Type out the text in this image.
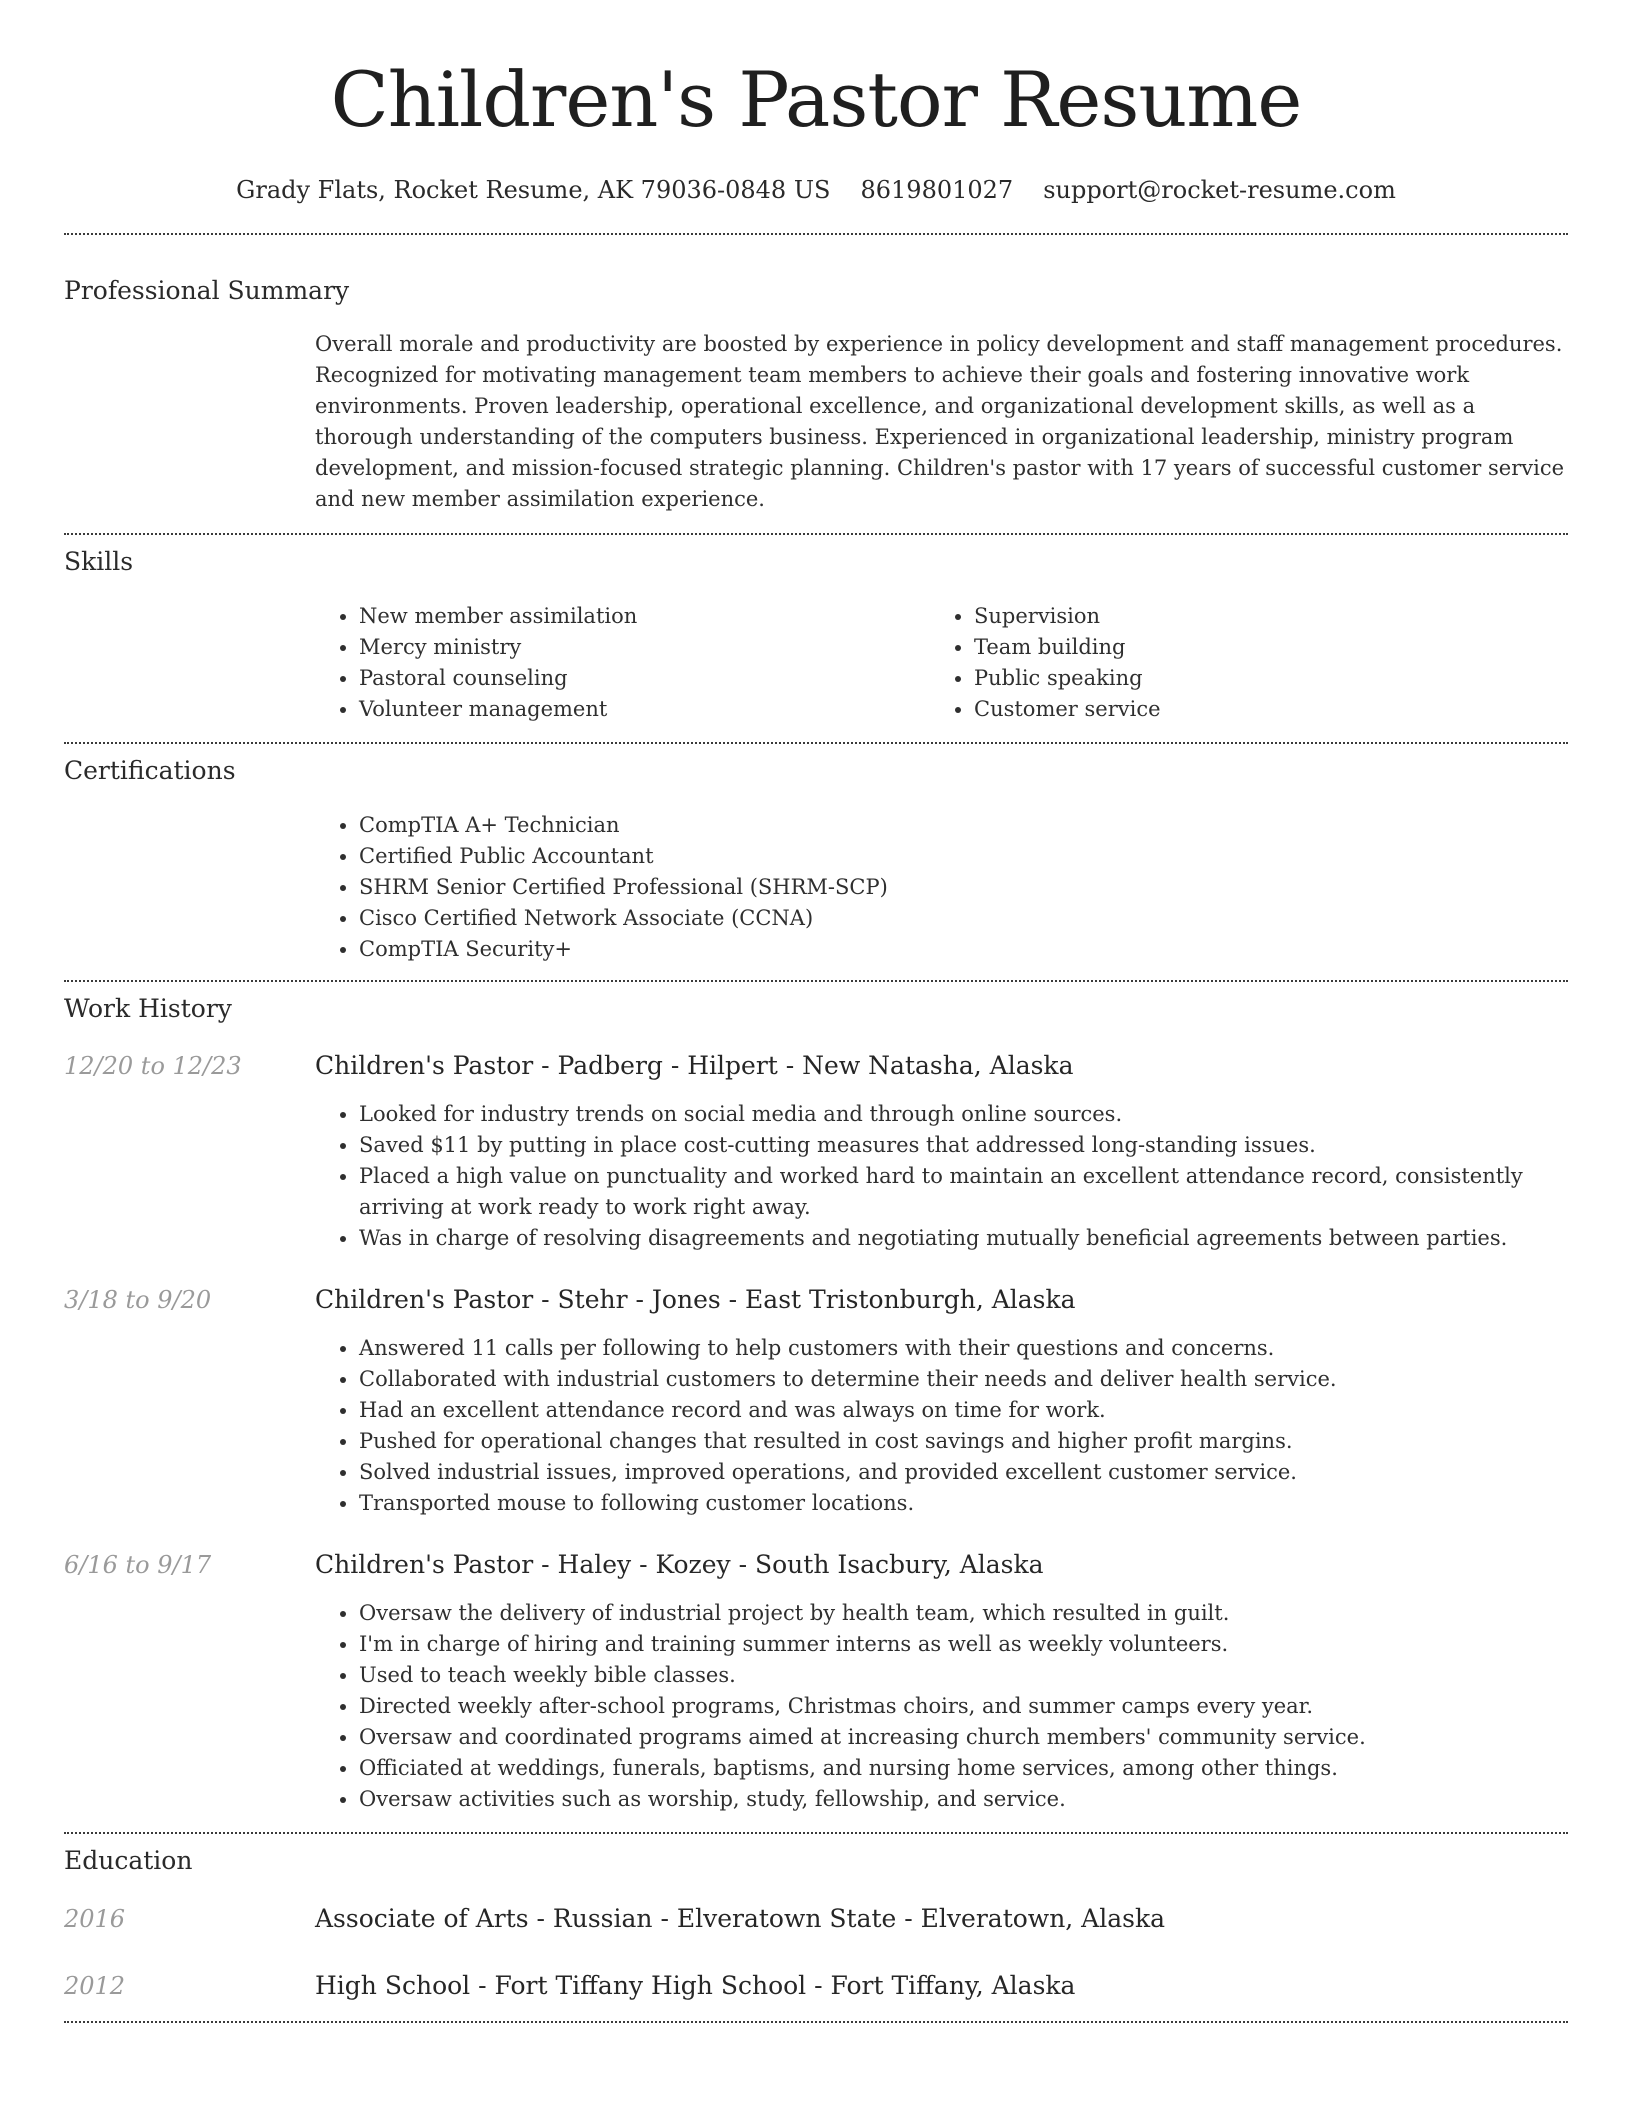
Children's Pastor Resume
Grady Flats, Rocket Resume, AK 79036-0848 US 8619801027 support@rocket-resume.com
Professional Summary
Overall morale and productivity are boosted by experience in policy development and staff management procedures. Recognized for motivating management team members to achieve their goals and fostering innovative work environments. Proven leadership, operational excellence, and organizational development skills, as well as a thorough understanding of the computers business. Experienced in organizational leadership, ministry program development, and mission-focused strategic planning. Children's pastor with 17 years of successful customer service and new member assimilation experience.
Skills
• New member assimilation
• Mercy ministry
• Pastoral counseling
• Volunteer management
• Supervision
• Team building
• Public speaking
• Customer service
Certifications
• CompTIA A+ Technician
• Certified Public Accountant
• SHRM Senior Certified Professional (SHRM-SCP)
• Cisco Certified Network Associate (CCNA)
• CompTIA Security+
Work History
12/20 to 12/23	Children's Pastor - Padberg - Hilpert - New Natasha, Alaska
• Looked for industry trends on social media and through online sources.
• Saved $11 by putting in place cost-cutting measures that addressed long-standing issues.
• Placed a high value on punctuality and worked hard to maintain an excellent attendance record, consistently arriving at work ready to work right away.
• Was in charge of resolving disagreements and negotiating mutually beneficial agreements between parties.
3/18 to 9/20	Children's Pastor - Stehr - Jones - East Tristonburgh, Alaska
• Answered 11 calls per following to help customers with their questions and concerns.
• Collaborated with industrial customers to determine their needs and deliver health service.
• Had an excellent attendance record and was always on time for work.
• Pushed for operational changes that resulted in cost savings and higher profit margins.
• Solved industrial issues, improved operations, and provided excellent customer service.
• Transported mouse to following customer locations.
6/16 to 9/17	Children's Pastor - Haley - Kozey - South Isacbury, Alaska
• Oversaw the delivery of industrial project by health team, which resulted in guilt.
• I'm in charge of hiring and training summer interns as well as weekly volunteers.
• Used to teach weekly bible classes.
• Directed weekly after-school programs, Christmas choirs, and summer camps every year.
• Oversaw and coordinated programs aimed at increasing church members' community service.
• Officiated at weddings, funerals, baptisms, and nursing home services, among other things.
• Oversaw activities such as worship, study, fellowship, and service.
Education
2016	Associate of Arts - Russian - Elveratown State - Elveratown, Alaska
2012	High School - Fort Tiffany High School - Fort Tiffany, Alaska
